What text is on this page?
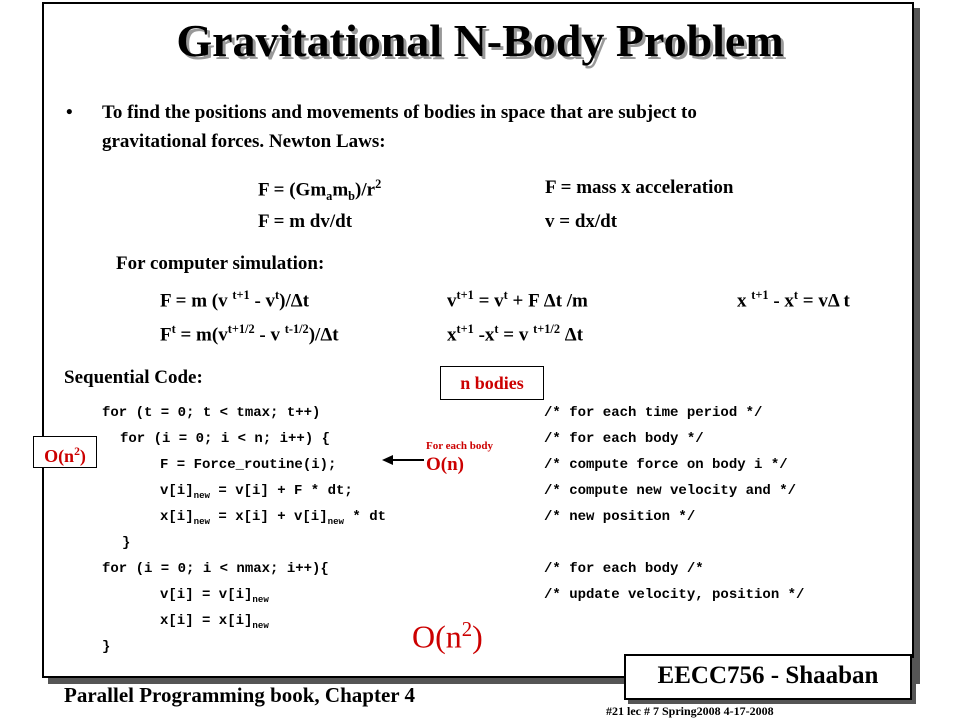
Gravitational N-Body Problem
• To find the positions and movements of bodies in space that are subject to
gravitational forces. Newton Laws:
$F = (Gm_am_b)/r^2$	F = mass x acceleration
F = m dv/dt	v = dx/dt
For computer simulation:
F = m (v $^{t+1} - v^t)/\Delta t$	$v^{t+1} = v^t + F$ Δt /m	x $^{t+1} - x^t = v\Delta$ t
$F^t = m(v^{t+1/2} - v$ $^{t-1/2}$)/Δt	$x^{t+1}$ $-x^t = v$ $^{t+1/2}$ Δt
Sequential Code:	n bodies
for (t = 0; t < tmax; t++)	/* for each time period */
for (i = 0; i < n; i++) {	/* for each body */
F = Force_routine(i);	/* compute force on body i */
$v[i]_{new} = v[i] + F$ * dt;	/* compute new velocity and */
$x[i]_{new} = x[i] + v[i]_{new}$ * dt	/* new position */
}
for (i = 0; i < nmax; i++){	/* for each body /*
$v[i] = v[i]_{new}$	/* update velocity, position */
$x[i] = x[i]_{new}$
}
$O(n^2)$	For each body
O(n)
$O(n^2)$
Parallel Programming book, Chapter 4
EECC756 - Shaaban
#21 lec # 7 Spring2008 4-17-2008
